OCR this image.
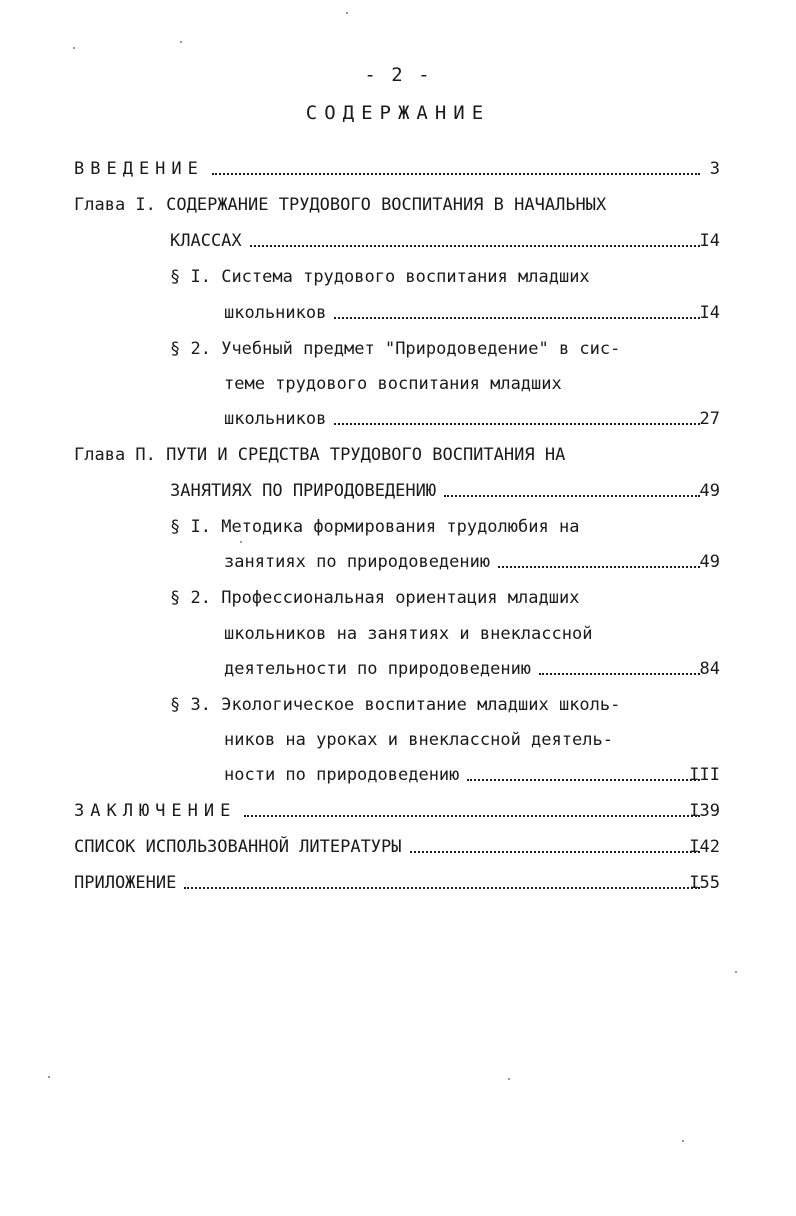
- 2 -
СОДЕРЖАНИЕ
ВВЕДЕНИЕ	3
Глава I. СОДЕРЖАНИЕ ТРУДОВОГО ВОСПИТАНИЯ В НАЧАЛЬНЫХ
КЛАССАХ	I4
§ I. Система трудового воспитания младших
школьников	I4
§ 2. Учебный предмет "Природоведение" в сис-
теме трудового воспитания младших
школьников	27
Глава П. ПУТИ И СРЕДСТВА ТРУДОВОГО ВОСПИТАНИЯ НА
ЗАНЯТИЯХ ПО ПРИРОДОВЕДЕНИЮ	49
§ I. Методика формирования трудолюбия на
занятиях по природоведению	49
§ 2. Профессиональная ориентация младших
школьников на занятиях и внеклассной
деятельности по природоведению	84
§ 3. Экологическое воспитание младших школь-
ников на уроках и внеклассной деятель-
ности по природоведению	III
ЗАКЛЮЧЕНИЕ	I39
СПИСОК ИСПОЛЬЗОВАННОЙ ЛИТЕРАТУРЫ	I42
ПРИЛОЖЕНИЕ	I55
